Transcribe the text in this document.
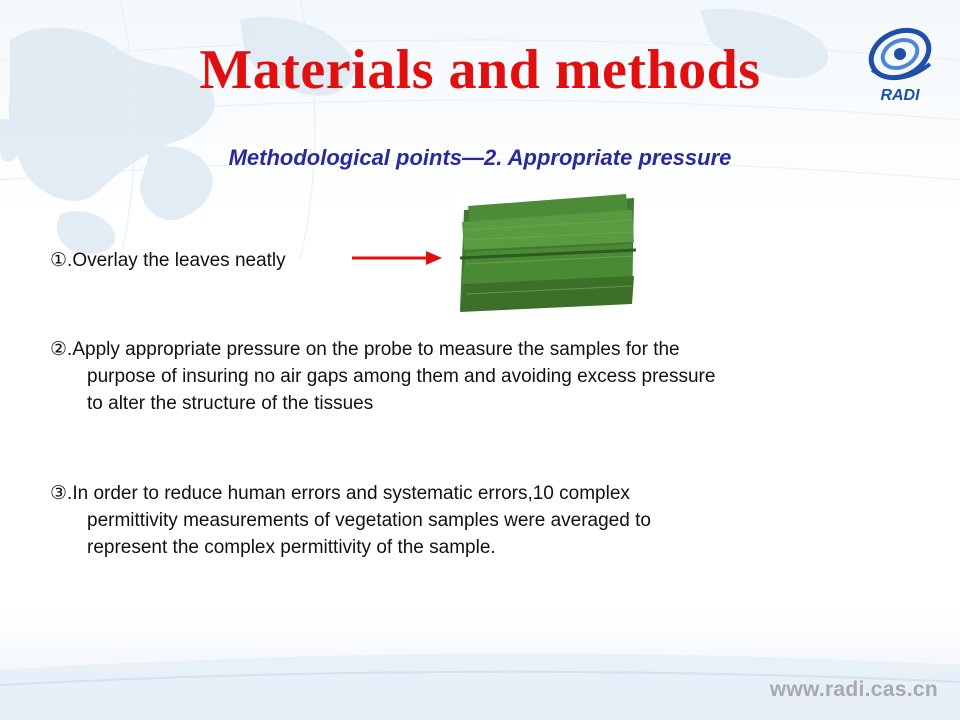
Materials and methods	RADI
Methodological points—2. Appropriate pressure
①.Overlay the leaves neatly
②.Apply appropriate pressure on the probe to measure the samples for the
purpose of insuring no air gaps among them and avoiding excess pressure
to alter the structure of the tissues
③.In order to reduce human errors and systematic errors,10 complex
permittivity measurements of vegetation samples were averaged to
represent the complex permittivity of the sample.
www.radi.cas.cn
